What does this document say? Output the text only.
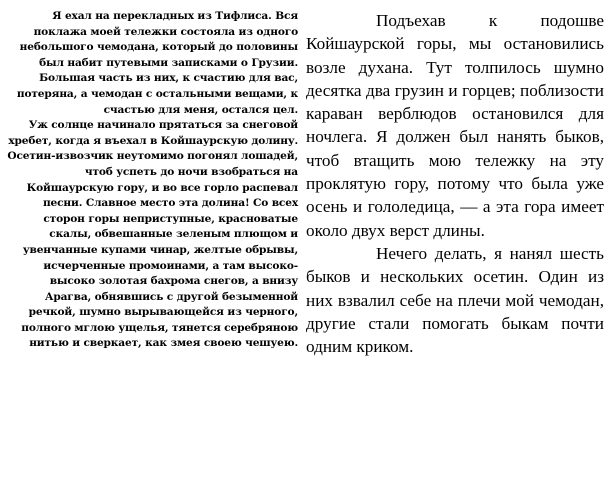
Я ехал на перекладных из Тифлиса. Вся поклажа моей тележки состояла из одного небольшого чемодана, который до половины был набит путевыми записками о Грузии. Большая часть из них, к счастию для вас, потеряна, а чемодан с остальными вещами, к счастью для меня, остался цел.

Уж солнце начинало прятаться за снеговой хребет, когда я въехал в Койшаурскую долину. Осетин-извозчик неутомимо погонял лошадей, чтоб успеть до ночи взобраться на Койшаурскую гору, и во все горло распевал песни. Славное место эта долина! Со всех сторон горы неприступные, красноватые скалы, обвешанные зеленым плющом и увенчанные купами чинар, желтые обрывы, исчерченные промоинами, а там высоко-высоко золотая бахрома снегов, а внизу Арагва, обнявшись с другой безыменной речкой, шумно вырывающейся из черного, полного мглою ущелья, тянется серебряною нитью и сверкает, как змея своею чешуею.

Подъехав к подошве Койшаурской горы, мы остановились возле духана. Тут толпилось шумно десятка два грузин и горцев; поблизости караван верблюдов остановился для ночлега. Я должен был нанять быков, чтоб втащить мою тележку на эту проклятую гору, потому что была уже осень и гололедица, — а эта гора имеет около двух верст длины.

Нечего делать, я нанял шесть быков и нескольких осетин. Один из них взвалил себе на плечи мой чемодан, другие стали помогать быкам почти одним криком.
